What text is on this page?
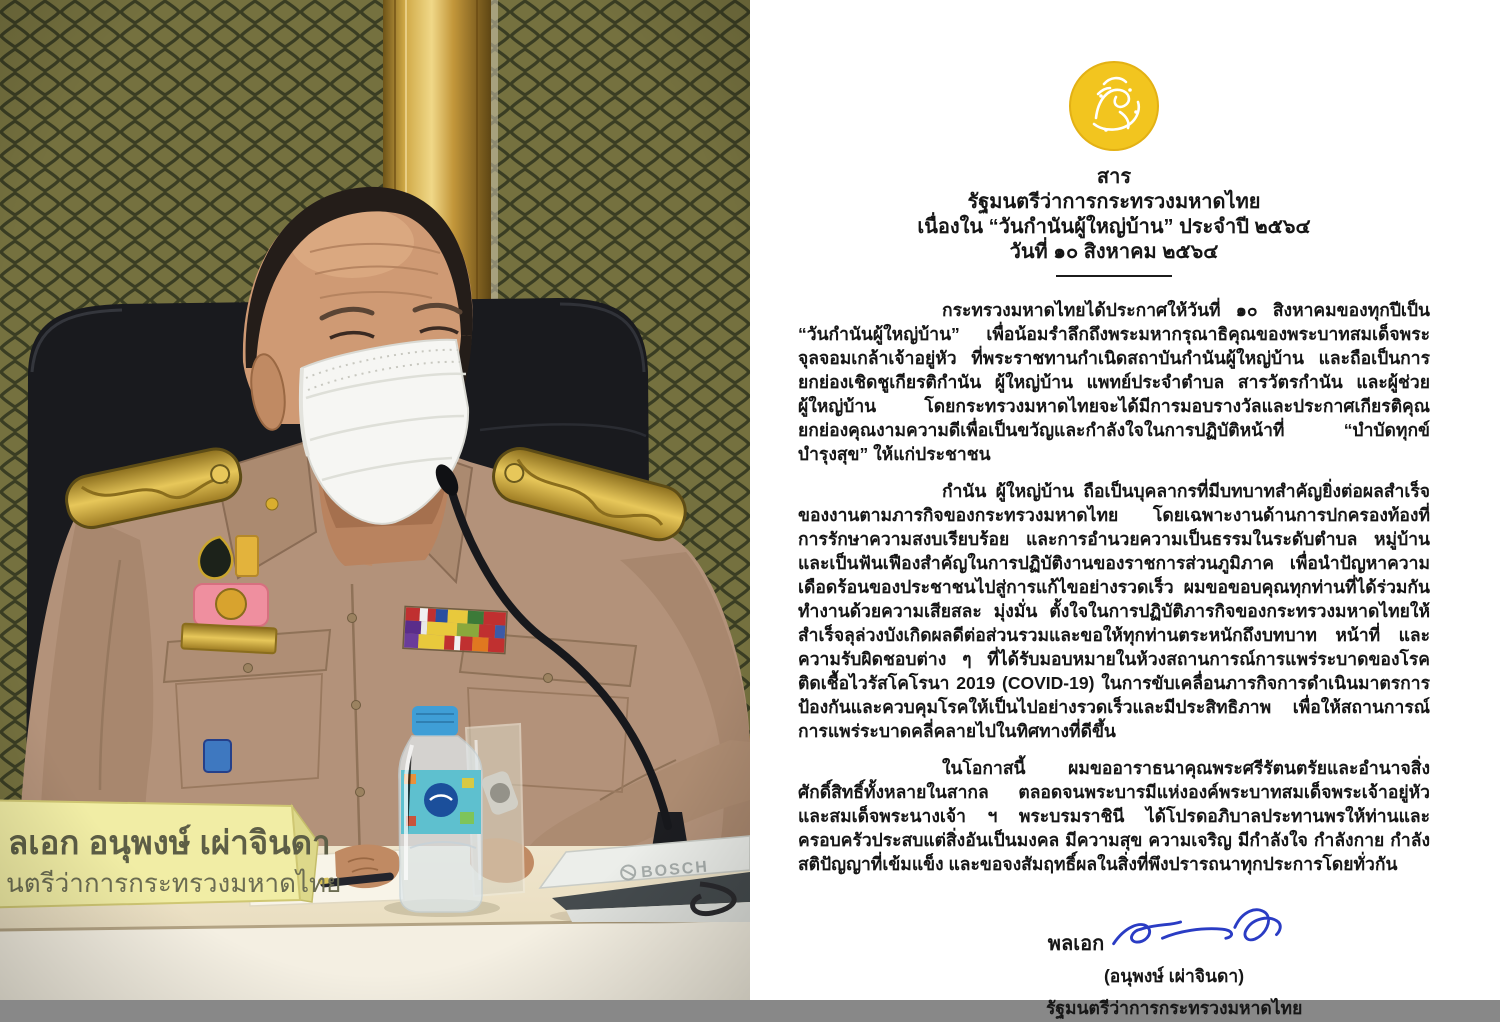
สาร
รัฐมนตรีว่าการกระทรวงมหาดไทย
เนื่องใน “วันกำนันผู้ใหญ่บ้าน” ประจำปี ๒๕๖๔
วันที่ ๑๐ สิงหาคม ๒๕๖๔

กระทรวงมหาดไทยได้ประกาศให้วันที่ ๑๐ สิงหาคมของทุกปีเป็น “วันกำนันผู้ใหญ่บ้าน” เพื่อน้อมรำลึกถึงพระมหากรุณาธิคุณของพระบาทสมเด็จพระจุลจอมเกล้าเจ้าอยู่หัว ที่พระราชทานกำเนิดสถาบันกำนันผู้ใหญ่บ้าน และถือเป็นการยกย่องเชิดชูเกียรติกำนัน ผู้ใหญ่บ้าน แพทย์ประจำตำบล สารวัตรกำนัน และผู้ช่วยผู้ใหญ่บ้าน โดยกระทรวงมหาดไทยจะได้มีการมอบรางวัลและประกาศเกียรติคุณยกย่องคุณงามความดีเพื่อเป็นขวัญและกำลังใจในการปฏิบัติหน้าที่ “บำบัดทุกข์ บำรุงสุข” ให้แก่ประชาชน

กำนัน ผู้ใหญ่บ้าน ถือเป็นบุคลากรที่มีบทบาทสำคัญยิ่งต่อผลสำเร็จของงานตามภารกิจของกระทรวงมหาดไทย โดยเฉพาะงานด้านการปกครองท้องที่ การรักษาความสงบเรียบร้อย และการอำนวยความเป็นธรรมในระดับตำบล หมู่บ้าน และเป็นฟันเฟืองสำคัญในการปฏิบัติงานของราชการส่วนภูมิภาค เพื่อนำปัญหาความเดือดร้อนของประชาชนไปสู่การแก้ไขอย่างรวดเร็ว ผมขอขอบคุณทุกท่านที่ได้ร่วมกันทำงานด้วยความเสียสละ มุ่งมั่น ตั้งใจในการปฏิบัติภารกิจของกระทรวงมหาดไทยให้สำเร็จลุล่วงบังเกิดผลดีต่อส่วนรวมและขอให้ทุกท่านตระหนักถึงบทบาท หน้าที่ และความรับผิดชอบต่าง ๆ ที่ได้รับมอบหมายในห้วงสถานการณ์การแพร่ระบาดของโรคติดเชื้อไวรัสโคโรนา 2019 (COVID-19) ในการขับเคลื่อนภารกิจการดำเนินมาตรการป้องกันและควบคุมโรคให้เป็นไปอย่างรวดเร็วและมีประสิทธิภาพ เพื่อให้สถานการณ์การแพร่ระบาดคลี่คลายไปในทิศทางที่ดีขึ้น

ในโอกาสนี้ ผมขออาราธนาคุณพระศรีรัตนตรัยและอำนาจสิ่งศักดิ์สิทธิ์ทั้งหลายในสากล ตลอดจนพระบารมีแห่งองค์พระบาทสมเด็จพระเจ้าอยู่หัว และสมเด็จพระนางเจ้า ฯ พระบรมราชินี ได้โปรดอภิบาลประทานพรให้ท่านและครอบครัวประสบแต่สิ่งอันเป็นมงคล มีความสุข ความเจริญ มีกำลังใจ กำลังกาย กำลังสติปัญญาที่เข้มแข็ง และขอจงสัมฤทธิ์ผลในสิ่งที่พึงปรารถนาทุกประการโดยทั่วกัน

พลเอก
(อนุพงษ์ เผ่าจินดา)
รัฐมนตรีว่าการกระทรวงมหาดไทย
